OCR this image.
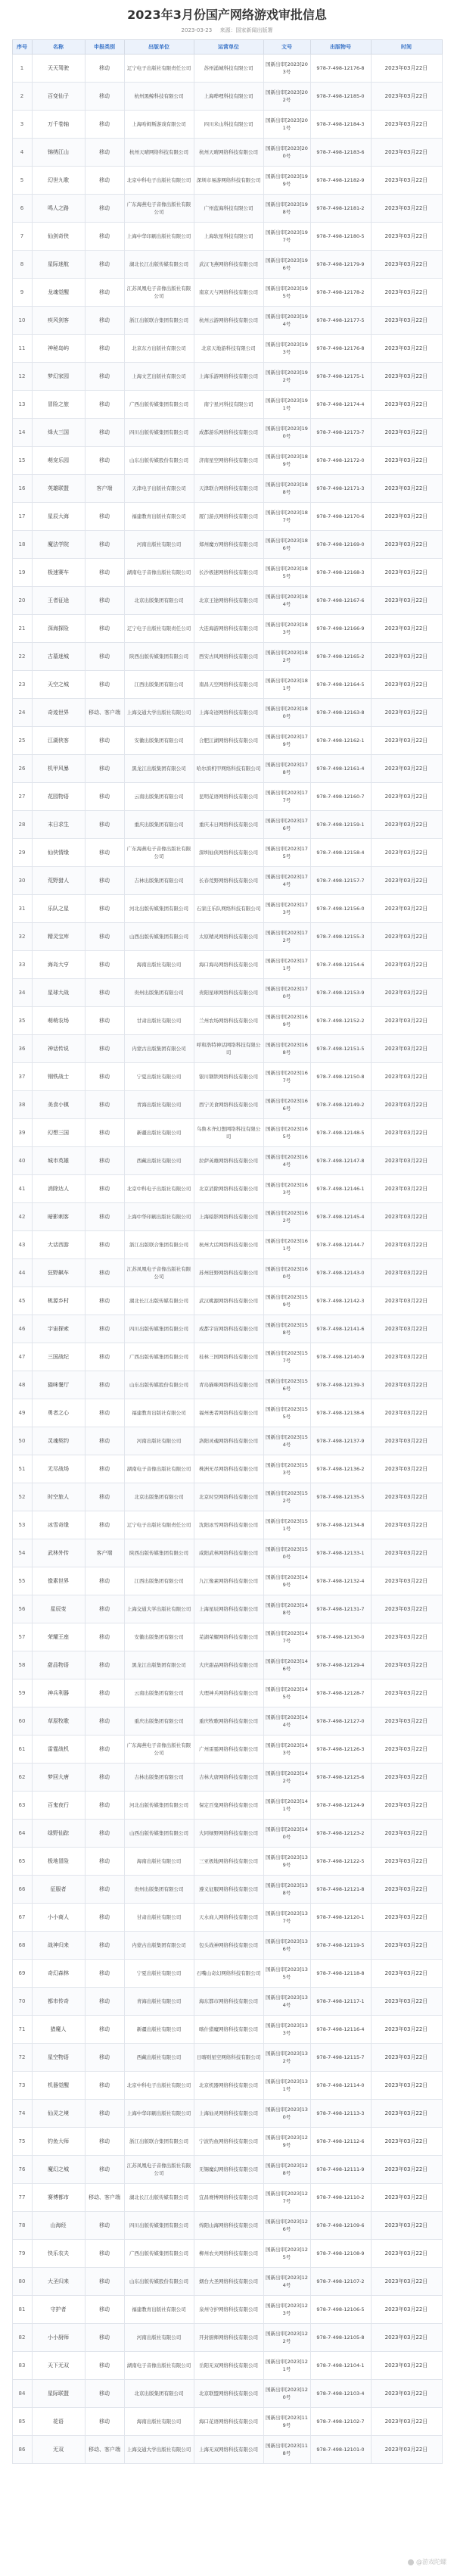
2023年3月份国产网络游戏审批信息
2023-03-23 来源：国家新闻出版署
序号	名称	申报类别	出版单位	运营单位	文号	出版物号	时间
1	天天驾驶	移动	辽宁电子出版社有限责任公司	苏州涌城科技有限公司	国新出审[2023]203号	978-7-498-12176-8	2023年03月22日
2	百变仙子	移动	杭州黑鲸科技有限公司	上海哔哩科技有限公司	国新出审[2023]202号	978-7-498-12185-0	2023年03月22日
3	万千卷轴	移动	上海哈姆斯游戏有限公司	四川米山科技有限公司	国新出审[2023]201号	978-7-498-12184-3	2023年03月22日
4	锦绣江山	移动	杭州天晴网络科技有限公司	杭州天晴网络科技有限公司	国新出审[2023]200号	978-7-498-12183-6	2023年03月22日
5	幻世九歌	移动	北京中科电子出版社有限公司	深圳市易游网络科技有限公司	国新出审[2023]199号	978-7-498-12182-9	2023年03月22日
6	鸣人之路	移动	广东海燕电子音像出版社有限公司	广州蓝海科技有限公司	国新出审[2023]198号	978-7-498-12181-2	2023年03月22日
7	仙剑奇侠	移动	上海中华印刷出版社有限公司	上海软星科技有限公司	国新出审[2023]197号	978-7-498-12180-5	2023年03月22日
8	星际迷航	移动	湖北长江出版传媒有限公司	武汉飞燕网络科技有限公司	国新出审[2023]196号	978-7-498-12179-9	2023年03月22日
9	龙魂觉醒	移动	江苏凤凰电子音像出版社有限公司	南京天与网络科技有限公司	国新出审[2023]195号	978-7-498-12178-2	2023年03月22日
10	疾风剑客	移动	浙江出版联合集团有限公司	杭州云游网络科技有限公司	国新出审[2023]194号	978-7-498-12177-5	2023年03月22日
11	神秘岛屿	移动	北京东方出版社有限公司	北京天地游科技有限公司	国新出审[2023]193号	978-7-498-12176-8	2023年03月22日
12	梦幻家园	移动	上海文艺出版社有限公司	上海乐游网络科技有限公司	国新出审[2023]192号	978-7-498-12175-1	2023年03月22日
13	冒险之旅	移动	广西出版传媒集团有限公司	南宁星河科技有限公司	国新出审[2023]191号	978-7-498-12174-4	2023年03月22日
14	烽火三国	移动	四川出版传媒集团有限公司	成都游乐网络科技有限公司	国新出审[2023]190号	978-7-498-12173-7	2023年03月22日
15	萌宠乐园	移动	山东出版传媒股份有限公司	济南星空网络科技有限公司	国新出审[2023]189号	978-7-498-12172-0	2023年03月22日
16	英雄联盟	客户端	天津电子出版社有限公司	天津联合网络科技有限公司	国新出审[2023]188号	978-7-498-12171-3	2023年03月22日
17	星辰大海	移动	福建教育出版社有限公司	厦门游点网络科技有限公司	国新出审[2023]187号	978-7-498-12170-6	2023年03月22日
18	魔法学院	移动	河南出版社有限公司	郑州魔方网络科技有限公司	国新出审[2023]186号	978-7-498-12169-0	2023年03月22日
19	极速赛车	移动	湖南电子音像出版社有限公司	长沙极速网络科技有限公司	国新出审[2023]185号	978-7-498-12168-3	2023年03月22日
20	王者征途	移动	北京出版集团有限公司	北京王途网络科技有限公司	国新出审[2023]184号	978-7-498-12167-6	2023年03月22日
21	深海探险	移动	辽宁电子出版社有限责任公司	大连海游网络科技有限公司	国新出审[2023]183号	978-7-498-12166-9	2023年03月22日
22	古墓迷城	移动	陕西出版传媒集团有限公司	西安古风网络科技有限公司	国新出审[2023]182号	978-7-498-12165-2	2023年03月22日
23	天空之城	移动	江西出版集团有限公司	南昌天空网络科技有限公司	国新出审[2023]181号	978-7-498-12164-5	2023年03月22日
24	奇迹世界	移动、客户端	上海交通大学出版社有限公司	上海奇迹网络科技有限公司	国新出审[2023]180号	978-7-498-12163-8	2023年03月22日
25	江湖侠客	移动	安徽出版集团有限公司	合肥江湖网络科技有限公司	国新出审[2023]179号	978-7-498-12162-1	2023年03月22日
26	机甲风暴	移动	黑龙江出版集团有限公司	哈尔滨机甲网络科技有限公司	国新出审[2023]178号	978-7-498-12161-4	2023年03月22日
27	花园物语	移动	云南出版集团有限公司	昆明花语网络科技有限公司	国新出审[2023]177号	978-7-498-12160-7	2023年03月22日
28	末日求生	移动	重庆出版集团有限公司	重庆末日网络科技有限公司	国新出审[2023]176号	978-7-498-12159-1	2023年03月22日
29	仙侠情缘	移动	广东海燕电子音像出版社有限公司	深圳仙侠网络科技有限公司	国新出审[2023]175号	978-7-498-12158-4	2023年03月22日
30	荒野猎人	移动	吉林出版集团有限公司	长春荒野网络科技有限公司	国新出审[2023]174号	978-7-498-12157-7	2023年03月22日
31	乐队之星	移动	河北出版传媒集团有限公司	石家庄乐队网络科技有限公司	国新出审[2023]173号	978-7-498-12156-0	2023年03月22日
32	精灵宝库	移动	山西出版传媒集团有限公司	太原精灵网络科技有限公司	国新出审[2023]172号	978-7-498-12155-3	2023年03月22日
33	海岛大亨	移动	海南出版社有限公司	海口海岛网络科技有限公司	国新出审[2023]171号	978-7-498-12154-6	2023年03月22日
34	星球大战	移动	贵州出版集团有限公司	贵阳星球网络科技有限公司	国新出审[2023]170号	978-7-498-12153-9	2023年03月22日
35	萌萌农场	移动	甘肃出版社有限公司	兰州农场网络科技有限公司	国新出审[2023]169号	978-7-498-12152-2	2023年03月22日
36	神话传说	移动	内蒙古出版集团有限公司	呼和浩特神话网络科技有限公司	国新出审[2023]168号	978-7-498-12151-5	2023年03月22日
37	钢铁战士	移动	宁夏出版社有限公司	银川钢铁网络科技有限公司	国新出审[2023]167号	978-7-498-12150-8	2023年03月22日
38	美食小镇	移动	青海出版社有限公司	西宁美食网络科技有限公司	国新出审[2023]166号	978-7-498-12149-2	2023年03月22日
39	幻想三国	移动	新疆出版社有限公司	乌鲁木齐幻想网络科技有限公司	国新出审[2023]165号	978-7-498-12148-5	2023年03月22日
40	城市英雄	移动	西藏出版社有限公司	拉萨英雄网络科技有限公司	国新出审[2023]164号	978-7-498-12147-8	2023年03月22日
41	消除达人	移动	北京中科电子出版社有限公司	北京消除网络科技有限公司	国新出审[2023]163号	978-7-498-12146-1	2023年03月22日
42	暗影刺客	移动	上海中华印刷出版社有限公司	上海暗影网络科技有限公司	国新出审[2023]162号	978-7-498-12145-4	2023年03月22日
43	大话西游	移动	浙江出版联合集团有限公司	杭州大话网络科技有限公司	国新出审[2023]161号	978-7-498-12144-7	2023年03月22日
44	狂野飙车	移动	江苏凤凰电子音像出版社有限公司	苏州狂野网络科技有限公司	国新出审[2023]160号	978-7-498-12143-0	2023年03月22日
45	桃源乡村	移动	湖北长江出版传媒有限公司	武汉桃源网络科技有限公司	国新出审[2023]159号	978-7-498-12142-3	2023年03月22日
46	宇宙探索	移动	四川出版传媒集团有限公司	成都宇宙网络科技有限公司	国新出审[2023]158号	978-7-498-12141-6	2023年03月22日
47	三国战纪	移动	广西出版传媒集团有限公司	桂林三国网络科技有限公司	国新出审[2023]157号	978-7-498-12140-9	2023年03月22日
48	猫咪餐厅	移动	山东出版传媒股份有限公司	青岛猫咪网络科技有限公司	国新出审[2023]156号	978-7-498-12139-3	2023年03月22日
49	勇者之心	移动	福建教育出版社有限公司	福州勇者网络科技有限公司	国新出审[2023]155号	978-7-498-12138-6	2023年03月22日
50	灵魂契约	移动	河南出版社有限公司	洛阳灵魂网络科技有限公司	国新出审[2023]154号	978-7-498-12137-9	2023年03月22日
51	无尽战场	移动	湖南电子音像出版社有限公司	株洲无尽网络科技有限公司	国新出审[2023]153号	978-7-498-12136-2	2023年03月22日
52	时空旅人	移动	北京出版集团有限公司	北京时空网络科技有限公司	国新出审[2023]152号	978-7-498-12135-5	2023年03月22日
53	冰雪奇缘	移动	辽宁电子出版社有限责任公司	沈阳冰雪网络科技有限公司	国新出审[2023]151号	978-7-498-12134-8	2023年03月22日
54	武林外传	客户端	陕西出版传媒集团有限公司	咸阳武林网络科技有限公司	国新出审[2023]150号	978-7-498-12133-1	2023年03月22日
55	像素世界	移动	江西出版集团有限公司	九江像素网络科技有限公司	国新出审[2023]149号	978-7-498-12132-4	2023年03月22日
56	星辰变	移动	上海交通大学出版社有限公司	上海星辰网络科技有限公司	国新出审[2023]148号	978-7-498-12131-7	2023年03月22日
57	荣耀王座	移动	安徽出版集团有限公司	芜湖荣耀网络科技有限公司	国新出审[2023]147号	978-7-498-12130-0	2023年03月22日
58	甜品物语	移动	黑龙江出版集团有限公司	大庆甜品网络科技有限公司	国新出审[2023]146号	978-7-498-12129-4	2023年03月22日
59	神兵利器	移动	云南出版集团有限公司	大理神兵网络科技有限公司	国新出审[2023]145号	978-7-498-12128-7	2023年03月22日
60	草原牧歌	移动	重庆出版集团有限公司	重庆牧歌网络科技有限公司	国新出审[2023]144号	978-7-498-12127-0	2023年03月22日
61	雷霆战机	移动	广东海燕电子音像出版社有限公司	广州雷霆网络科技有限公司	国新出审[2023]143号	978-7-498-12126-3	2023年03月22日
62	梦回大唐	移动	吉林出版集团有限公司	吉林大唐网络科技有限公司	国新出审[2023]142号	978-7-498-12125-6	2023年03月22日
63	百鬼夜行	移动	河北出版传媒集团有限公司	保定百鬼网络科技有限公司	国新出审[2023]141号	978-7-498-12124-9	2023年03月22日
64	绿野仙踪	移动	山西出版传媒集团有限公司	大同绿野网络科技有限公司	国新出审[2023]140号	978-7-498-12123-2	2023年03月22日
65	极地冒险	移动	海南出版社有限公司	三亚极地网络科技有限公司	国新出审[2023]139号	978-7-498-12122-5	2023年03月22日
66	征服者	移动	贵州出版集团有限公司	遵义征服网络科技有限公司	国新出审[2023]138号	978-7-498-12121-8	2023年03月22日
67	小小商人	移动	甘肃出版社有限公司	天水商人网络科技有限公司	国新出审[2023]137号	978-7-498-12120-1	2023年03月22日
68	战神归来	移动	内蒙古出版集团有限公司	包头战神网络科技有限公司	国新出审[2023]136号	978-7-498-12119-5	2023年03月22日
69	奇幻森林	移动	宁夏出版社有限公司	石嘴山奇幻网络科技有限公司	国新出审[2023]135号	978-7-498-12118-8	2023年03月22日
70	都市传奇	移动	青海出版社有限公司	海东都市网络科技有限公司	国新出审[2023]134号	978-7-498-12117-1	2023年03月22日
71	猎魔人	移动	新疆出版社有限公司	喀什猎魔网络科技有限公司	国新出审[2023]133号	978-7-498-12116-4	2023年03月22日
72	星空物语	移动	西藏出版社有限公司	日喀则星空网络科技有限公司	国新出审[2023]132号	978-7-498-12115-7	2023年03月22日
73	机器觉醒	移动	北京中科电子出版社有限公司	北京机器网络科技有限公司	国新出审[2023]131号	978-7-498-12114-0	2023年03月22日
74	仙灵之境	移动	上海中华印刷出版社有限公司	上海仙灵网络科技有限公司	国新出审[2023]130号	978-7-498-12113-3	2023年03月22日
75	钓鱼大师	移动	浙江出版联合集团有限公司	宁波钓鱼网络科技有限公司	国新出审[2023]129号	978-7-498-12112-6	2023年03月22日
76	魔幻之城	移动	江苏凤凰电子音像出版社有限公司	无锡魔幻网络科技有限公司	国新出审[2023]128号	978-7-498-12111-9	2023年03月22日
77	赛博都市	移动、客户端	湖北长江出版传媒有限公司	宜昌赛博网络科技有限公司	国新出审[2023]127号	978-7-498-12110-2	2023年03月22日
78	山海经	移动	四川出版传媒集团有限公司	绵阳山海网络科技有限公司	国新出审[2023]126号	978-7-498-12109-6	2023年03月22日
79	快乐农夫	移动	广西出版传媒集团有限公司	柳州农夫网络科技有限公司	国新出审[2023]125号	978-7-498-12108-9	2023年03月22日
80	大圣归来	移动	山东出版传媒股份有限公司	烟台大圣网络科技有限公司	国新出审[2023]124号	978-7-498-12107-2	2023年03月22日
81	守护者	移动	福建教育出版社有限公司	泉州守护网络科技有限公司	国新出审[2023]123号	978-7-498-12106-5	2023年03月22日
82	小小厨师	移动	河南出版社有限公司	开封厨师网络科技有限公司	国新出审[2023]122号	978-7-498-12105-8	2023年03月22日
83	天下无双	移动	湖南电子音像出版社有限公司	岳阳无双网络科技有限公司	国新出审[2023]121号	978-7-498-12104-1	2023年03月22日
84	星际联盟	移动	北京出版集团有限公司	北京联盟网络科技有限公司	国新出审[2023]120号	978-7-498-12103-4	2023年03月22日
85	花语	移动	海南出版社有限公司	海口花语网络科技有限公司	国新出审[2023]119号	978-7-498-12102-7	2023年03月22日
86	无双	移动、客户端	上海交通大学出版社有限公司	上海无双网络科技有限公司	国新出审[2023]118号	978-7-498-12101-0	2023年03月22日
@游戏陀螺
